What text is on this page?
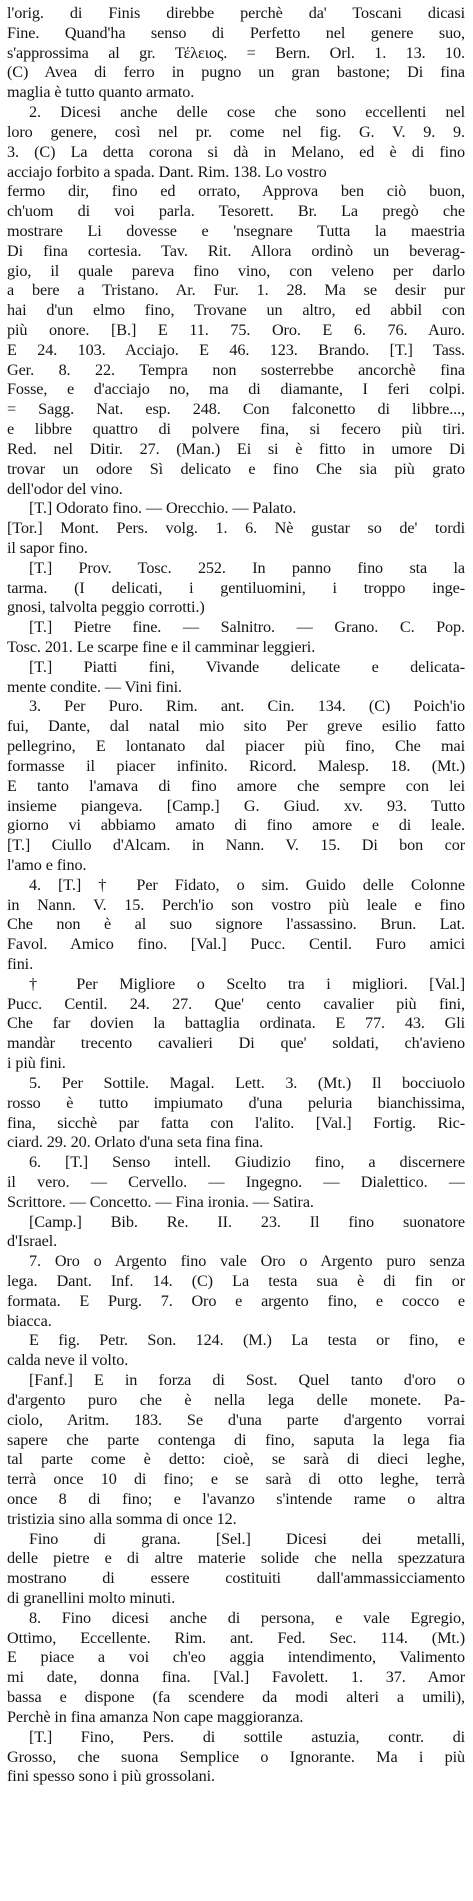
l'orig. di Finis direbbe perchè da' Toscani dicasi
Fine. Quand'ha senso di Perfetto nel genere suo,
s'approssima al gr. Τέλειος. = Bern. Orl. 1. 13. 10.
(C) Avea di ferro in pugno un gran bastone; Di fina
maglia è tutto quanto armato.
2. Dicesi anche delle cose che sono eccellenti nel
loro genere, così nel pr. come nel fig. G. V. 9. 9.
3. (C) La detta corona si dà in Melano, ed è di fino
acciajo forbito a spada. Dant. Rim. 138. Lo vostro
fermo dir, fino ed orrato, Approva ben ciò buon,
ch'uom di voi parla. Tesorett. Br. La pregò che
mostrare Li dovesse e 'nsegnare Tutta la maestria
Di fina cortesia. Tav. Rit. Allora ordinò un beverag-
gio, il quale pareva fino vino, con veleno per darlo
a bere a Tristano. Ar. Fur. 1. 28. Ma se desir pur
hai d'un elmo fino, Trovane un altro, ed abbil con
più onore. [B.] E 11. 75. Oro. E 6. 76. Auro.
E 24. 103. Acciajo. E 46. 123. Brando. [T.] Tass.
Ger. 8. 22. Tempra non sosterrebbe ancorchè fina
Fosse, e d'acciajo no, ma di diamante, I feri colpi.
= Sagg. Nat. esp. 248. Con falconetto di libbre...,
e libbre quattro di polvere fina, si fecero più tiri.
Red. nel Ditir. 27. (Man.) Ei si è fitto in umore Di
trovar un odore Sì delicato e fino Che sia più grato
dell'odor del vino.
[T.] Odorato fino. — Orecchio. — Palato.
[Tor.] Mont. Pers. volg. 1. 6. Nè gustar so de' tordi
il sapor fino.
[T.] Prov. Tosc. 252. In panno fino sta la
tarma. (I delicati, i gentiluomini, i troppo inge-
gnosi, talvolta peggio corrotti.)
[T.] Pietre fine. — Salnitro. — Grano. C. Pop.
Tosc. 201. Le scarpe fine e il camminar leggieri.
[T.] Piatti fini, Vivande delicate e delicata-
mente condite. — Vini fini.
3. Per Puro. Rim. ant. Cin. 134. (C) Poich'io
fui, Dante, dal natal mio sito Per greve esilio fatto
pellegrino, E lontanato dal piacer più fino, Che mai
formasse il piacer infinito. Ricord. Malesp. 18. (Mt.)
E tanto l'amava di fino amore che sempre con lei
insieme piangeva. [Camp.] G. Giud. xv. 93. Tutto
giorno vi abbiamo amato di fino amore e di leale.
[T.] Ciullo d'Alcam. in Nann. V. 15. Di bon cor
l'amo e fino.
4. [T.] † Per Fidato, o sim. Guido delle Colonne
in Nann. V. 15. Perch'io son vostro più leale e fino
Che non è al suo signore l'assassino. Brun. Lat.
Favol. Amico fino. [Val.] Pucc. Centil. Furo amici
fini.
† Per Migliore o Scelto tra i migliori. [Val.]
Pucc. Centil. 24. 27. Que' cento cavalier più fini,
Che far dovien la battaglia ordinata. E 77. 43. Gli
mandàr trecento cavalieri Di que' soldati, ch'avieno
i più fini.
5. Per Sottile. Magal. Lett. 3. (Mt.) Il bocciuolo
rosso è tutto impiumato d'una peluria bianchissima,
fina, sicchè par fatta con l'alito. [Val.] Fortig. Ric-
ciard. 29. 20. Orlato d'una seta fina fina.
6. [T.] Senso intell. Giudizio fino, a discernere
il vero. — Cervello. — Ingegno. — Dialettico. —
Scrittore. — Concetto. — Fina ironia. — Satira.
[Camp.] Bib. Re. II. 23. Il fino suonatore
d'Israel.
7. Oro o Argento fino vale Oro o Argento puro senza
lega. Dant. Inf. 14. (C) La testa sua è di fin or
formata. E Purg. 7. Oro e argento fino, e cocco e
biacca.
E fig. Petr. Son. 124. (M.) La testa or fino, e
calda neve il volto.
[Fanf.] E in forza di Sost. Quel tanto d'oro o
d'argento puro che è nella lega delle monete. Pa-
ciolo, Aritm. 183. Se d'una parte d'argento vorrai
sapere che parte contenga di fino, saputa la lega fia
tal parte come è detto: cioè, se sarà di dieci leghe,
terrà once 10 di fino; e se sarà di otto leghe, terrà
once 8 di fino; e l'avanzo s'intende rame o altra
tristizia sino alla somma di once 12.
Fino di grana. [Sel.] Dicesi dei metalli,
delle pietre e di altre materie solide che nella spezzatura
mostrano di essere costituiti dall'ammassicciamento
di granellini molto minuti.
8. Fino dicesi anche di persona, e vale Egregio,
Ottimo, Eccellente. Rim. ant. Fed. Sec. 114. (Mt.)
E piace a voi ch'eo aggia intendimento, Valimento
mi date, donna fina. [Val.] Favolett. 1. 37. Amor
bassa e dispone (fa scendere da modi alteri a umili),
Perchè in fina amanza Non cape maggioranza.
[T.] Fino, Pers. di sottile astuzia, contr. di
Grosso, che suona Semplice o Ignorante. Ma i più
fini spesso sono i più grossolani.
